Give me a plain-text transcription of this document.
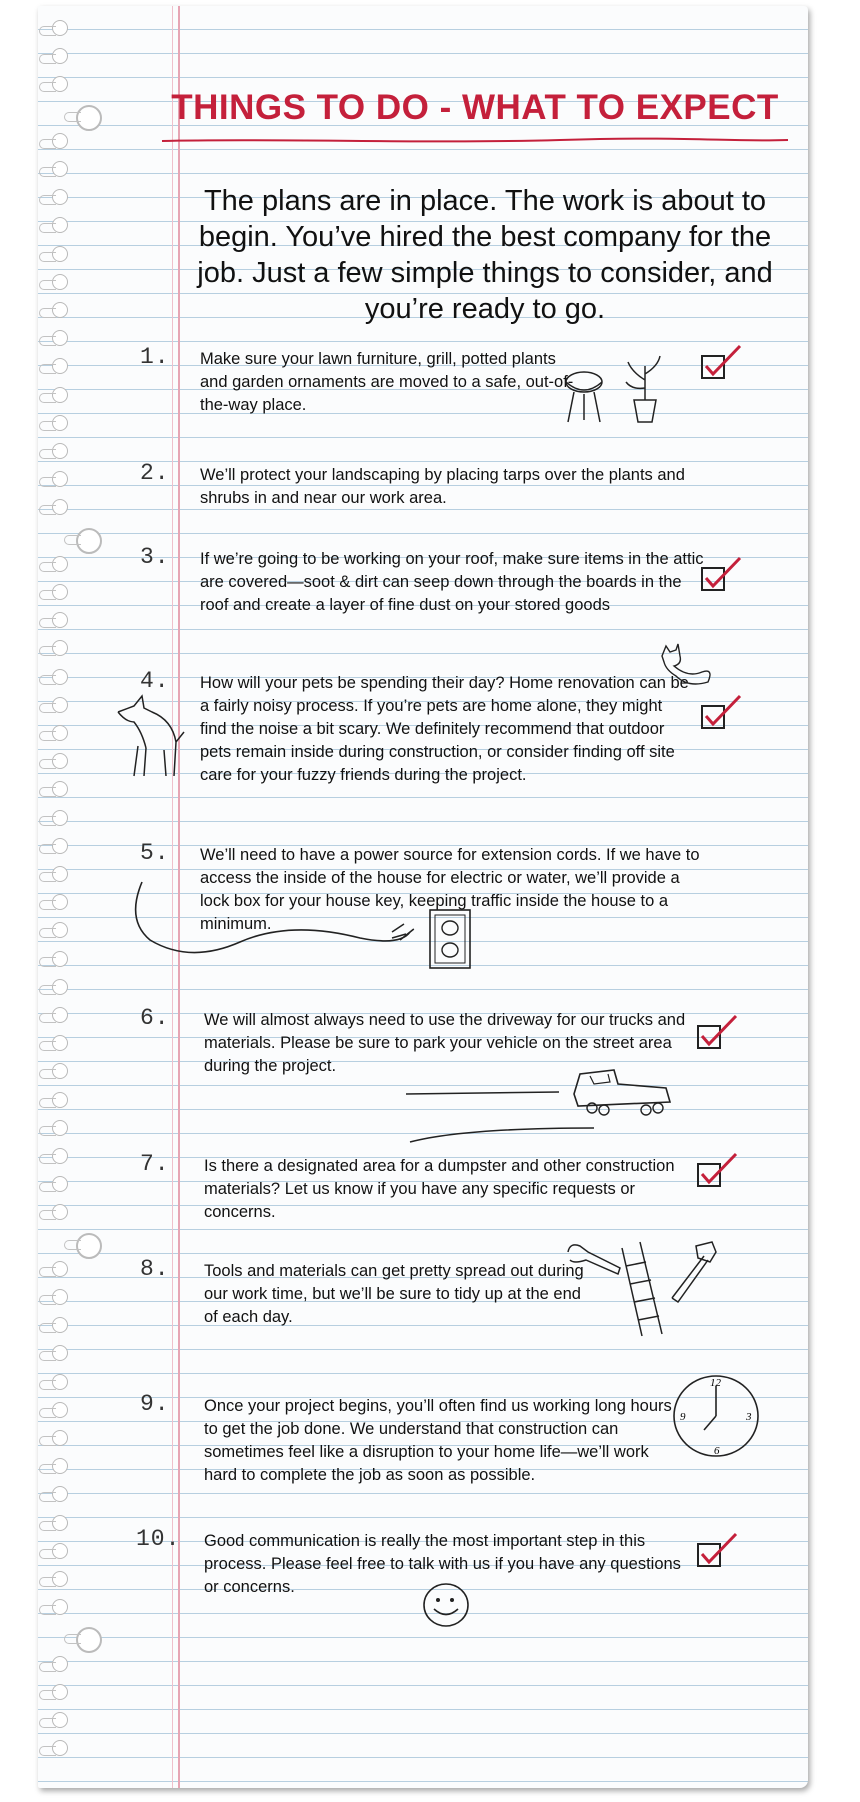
THINGS TO DO - WHAT TO EXPECT

The plans are in place. The work is about to begin. You’ve hired the best company for the job. Just a few simple things to consider, and you’re ready to go.

1. Make sure your lawn furniture, grill, potted plants and garden ornaments are moved to a safe, out-of-the-way place.

2. We’ll protect your landscaping by placing tarps over the plants and shrubs in and near our work area.

3. If we’re going to be working on your roof, make sure items in the attic are covered—soot & dirt can seep down through the boards in the roof and create a layer of fine dust on your stored goods

4. How will your pets be spending their day? Home renovation can be a fairly noisy process. If you’re pets are home alone, they might find the noise a bit scary. We definitely recommend that outdoor pets remain inside during construction, or consider finding off site care for your fuzzy friends during the project.

5. We’ll need to have a power source for extension cords. If we have to access the inside of the house for electric or water, we’ll provide a lock box for your house key, keeping traffic inside the house to a minimum.

6. We will almost always need to use the driveway for our trucks and materials. Please be sure to park your vehicle on the street area during the project.

7. Is there a designated area for a dumpster and other construction materials? Let us know if you have any specific requests or concerns.

8. Tools and materials can get pretty spread out during our work time, but we’ll be sure to tidy up at the end of each day.

9. Once your project begins, you’ll often find us working long hours to get the job done. We understand that construction can sometimes feel like a disruption to your home life—we’ll work hard to complete the job as soon as possible.

12
3
6
9
10. Good communication is really the most important step in this process. Please feel free to talk with us if you have any questions or concerns.
